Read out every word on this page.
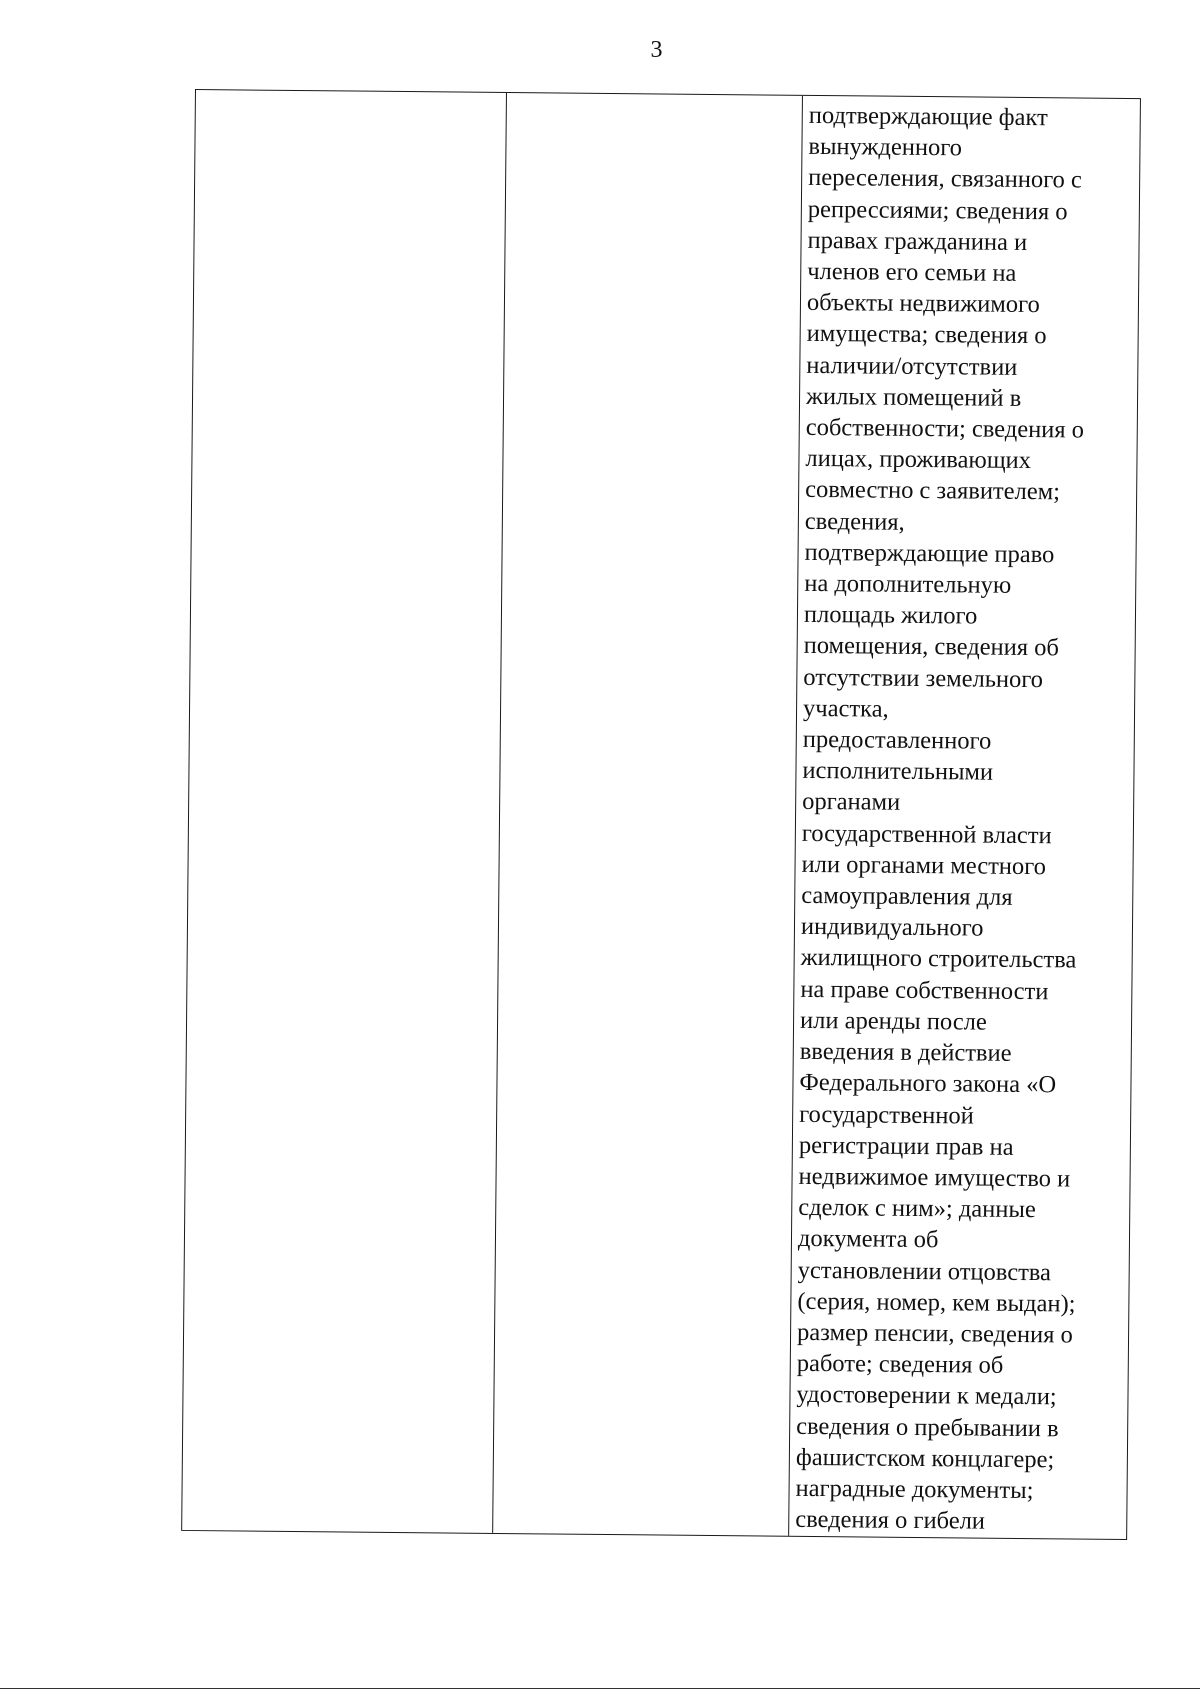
3
подтверждающие факт
вынужденного
переселения, связанного с
репрессиями; сведения о
правах гражданина и
членов его семьи на
объекты недвижимого
имущества; сведения о
наличии/отсутствии
жилых помещений в
собственности; сведения о
лицах, проживающих
совместно с заявителем;
сведения,
подтверждающие право
на дополнительную
площадь жилого
помещения, сведения об
отсутствии земельного
участка,
предоставленного
исполнительными
органами
государственной власти
или органами местного
самоуправления для
индивидуального
жилищного строительства
на праве собственности
или аренды после
введения в действие
Федерального закона «О
государственной
регистрации прав на
недвижимое имущество и
сделок с ним»; данные
документа об
установлении отцовства
(серия, номер, кем выдан);
размер пенсии, сведения о
работе; сведения об
удостоверении к медали;
сведения о пребывании в
фашистском концлагере;
наградные документы;
сведения о гибели
